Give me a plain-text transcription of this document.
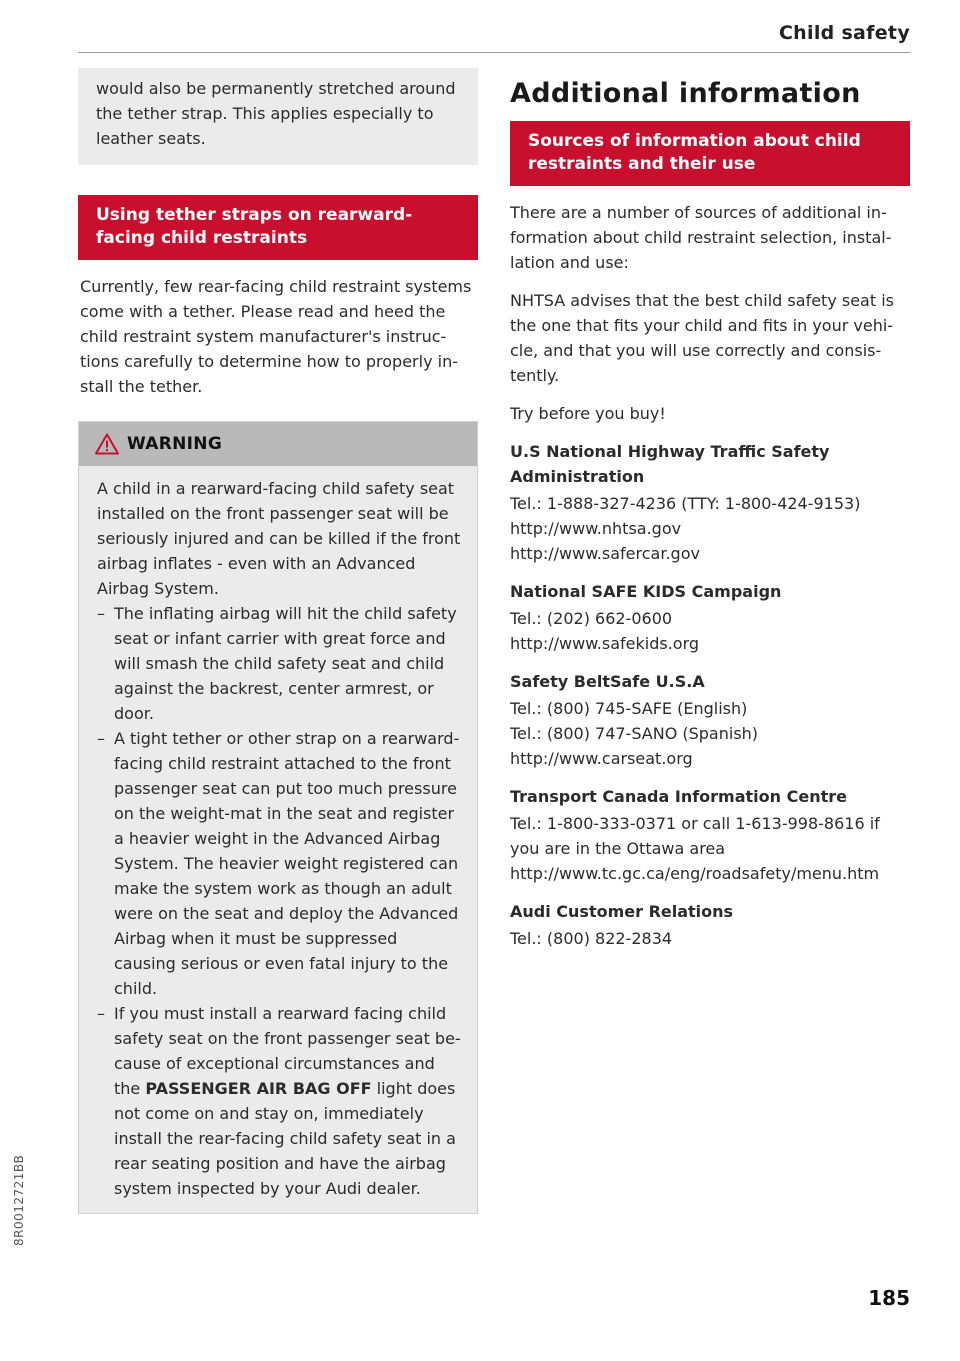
Child safety

would also be permanently stretched around the tether strap. This applies especially to leather seats.

Using tether straps on rearward-facing child restraints

Currently, few rear-facing child restraint systems come with a tether. Please read and heed the child restraint system manufacturer's instructions carefully to determine how to properly install the tether.

WARNING

A child in a rearward-facing child safety seat installed on the front passenger seat will be seriously injured and can be killed if the front airbag inflates - even with an Advanced Airbag System.

– The inflating airbag will hit the child safety seat or infant carrier with great force and will smash the child safety seat and child against the backrest, center armrest, or door.
– A tight tether or other strap on a rearward-facing child restraint attached to the front passenger seat can put too much pressure on the weight-mat in the seat and register a heavier weight in the Advanced Airbag System. The heavier weight registered can make the system work as though an adult were on the seat and deploy the Advanced Airbag when it must be suppressed causing serious or even fatal injury to the child.
– If you must install a rearward facing child safety seat on the front passenger seat because of exceptional circumstances and the PASSENGER AIR BAG OFF light does not come on and stay on, immediately install the rear-facing child safety seat in a rear seating position and have the airbag system inspected by your Audi dealer.
Additional information
Sources of information about child restraints and their use

There are a number of sources of additional information about child restraint selection, installation and use:

NHTSA advises that the best child safety seat is the one that fits your child and fits in your vehicle, and that you will use correctly and consistently.

Try before you buy!

U.S National Highway Traffic Safety Administration

Tel.: 1-888-327-4236 (TTY: 1-800-424-9153)

http://www.nhtsa.gov

http://www.safercar.gov

National SAFE KIDS Campaign

Tel.: (202) 662-0600

http://www.safekids.org

Safety BeltSafe U.S.A

Tel.: (800) 745-SAFE (English)

Tel.: (800) 747-SANO (Spanish)

http://www.carseat.org

Transport Canada Information Centre

Tel.: 1-800-333-0371 or call 1-613-998-8616 if you are in the Ottawa area

http://www.tc.gc.ca/eng/roadsafety/menu.htm

Audi Customer Relations

Tel.: (800) 822-2834

8R0012721BB
185
